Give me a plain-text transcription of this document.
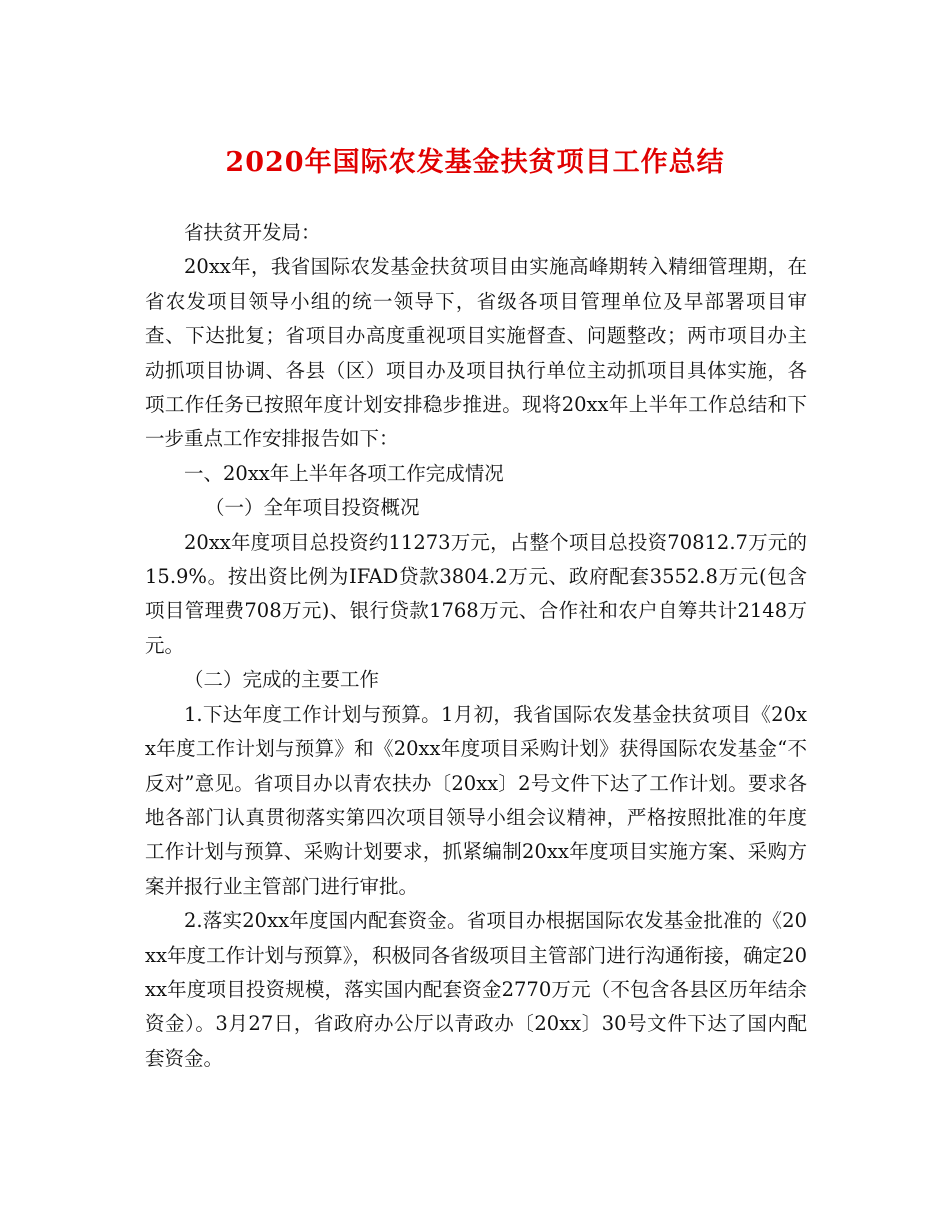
2020年国际农发基金扶贫项目工作总结

省扶贫开发局：

20xx年，我省国际农发基金扶贫项目由实施高峰期转入精细管理期，在省农发项目领导小组的统一领导下，省级各项目管理单位及早部署项目审查、下达批复；省项目办高度重视项目实施督查、问题整改；两市项目办主动抓项目协调、各县（区）项目办及项目执行单位主动抓项目具体实施，各项工作任务已按照年度计划安排稳步推进。现将20xx年上半年工作总结和下一步重点工作安排报告如下：

一、20xx年上半年各项工作完成情况

（一）全年项目投资概况

20xx年度项目总投资约11273万元，占整个项目总投资70812.7万元的15.9%。按出资比例为IFAD贷款3804.2万元、政府配套3552.8万元(包含项目管理费708万元)、银行贷款1768万元、合作社和农户自筹共计2148万元。

（二）完成的主要工作

1.下达年度工作计划与预算。1月初，我省国际农发基金扶贫项目《20xx年度工作计划与预算》和《20xx年度项目采购计划》获得国际农发基金“不反对”意见。省项目办以青农扶办〔20xx〕2号文件下达了工作计划。要求各地各部门认真贯彻落实第四次项目领导小组会议精神，严格按照批准的年度工作计划与预算、采购计划要求，抓紧编制20xx年度项目实施方案、采购方案并报行业主管部门进行审批。

2.落实20xx年度国内配套资金。省项目办根据国际农发基金批准的《20xx年度工作计划与预算》，积极同各省级项目主管部门进行沟通衔接，确定20xx年度项目投资规模，落实国内配套资金2770万元（不包含各县区历年结余资金）。3月27日，省政府办公厅以青政办〔20xx〕30号文件下达了国内配套资金。
